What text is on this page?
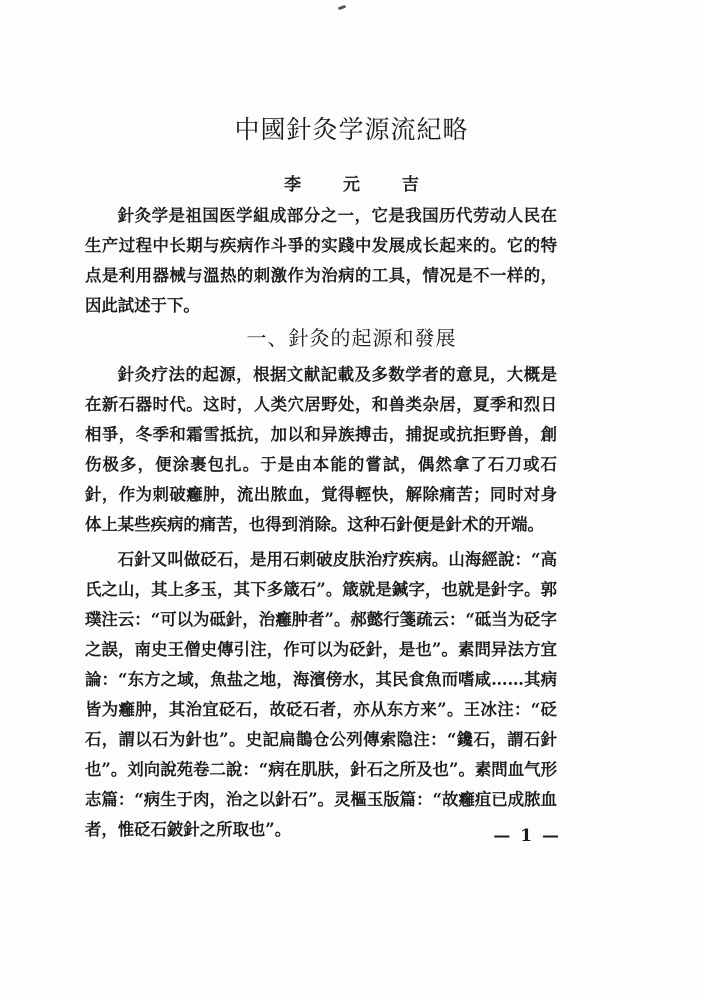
中國針灸学源流紀略

李 元 吉

針灸学是祖国医学組成部分之一，它是我国历代劳动人民在生产过程中长期与疾病作斗爭的实踐中发展成长起来的。它的特点是利用器械与溫热的刺激作为治病的工具，情况是不一样的，因此試述于下。

一、針灸的起源和發展

針灸疗法的起源，根据文献記載及多数学者的意見，大概是在新石器时代。这时，人类穴居野处，和兽类杂居，夏季和烈日相爭，冬季和霜雪抵抗，加以和异族搏击，捕捉或抗拒野兽，創伤极多，便涂裹包扎。于是由本能的嘗試，偶然拿了石刀或石針，作为刺破癰肿，流出脓血，覚得輕快，解除痛苦；同时对身体上某些疾病的痛苦，也得到消除。这种石針便是針术的开端。

石針又叫做砭石，是用石刺破皮肤治疗疾病。山海經說：“高氏之山，其上多玉，其下多箴石”。箴就是鍼字，也就是針字。郭璞注云：“可以为砥針，治癰肿者”。郝懿行箋疏云：“砥当为砭字之誤，南史王僧史傳引注，作可以为砭針，是也”。素問异法方宜論：“东方之域，魚盐之地，海濱傍水，其民食魚而嗜咸……其病皆为癰肿，其治宜砭石，故砭石者，亦从东方来”。王冰注：“砭石，謂以石为針也”。史記扁鵲仓公列傳索隐注：“鑱石，謂石針也”。刘向說苑卷二說：“病在肌肤，針石之所及也”。素問血气形志篇：“病生于肉，治之以針石”。灵樞玉版篇：“故癰疽已成脓血者，惟砭石鈹針之所取也”。	— 1 —
